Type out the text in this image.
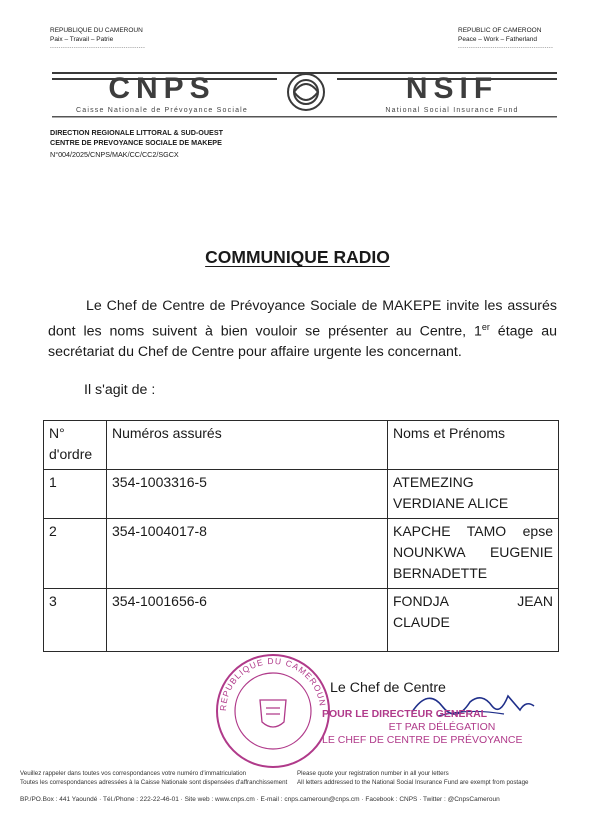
REPUBLIQUE DU CAMEROUN
Paix – Travail – Patrie
--------------------------------------------
REPUBLIC OF CAMEROON
Peace – Work – Fatherland
--------------------------------------------
CNPS	NSIF
Caisse Nationale de Prévoyance Sociale	National Social Insurance Fund
DIRECTION REGIONALE LITTORAL & SUD-OUEST
CENTRE DE PREVOYANCE SOCIALE DE MAKEPE
N°004/2025/CNPS/MAK/CC/CC2/SGCX
COMMUNIQUE RADIO

Le Chef de Centre de Prévoyance Sociale de MAKEPE invite les assurés dont les noms suivent à bien vouloir se présenter au Centre, 1er étage au secrétariat du Chef de Centre pour affaire urgente les concernant.

Il s'agit de :
N° d'ordre	Numéros assurés	Noms et Prénoms
1	354-1003316-5	ATEMEZING
VERDIANE ALICE

2	354-1004017-8	KAPCHE TAMO epse
NOUNKWA EUGENIE
BERNADETTE

3	354-1001656-6	FONDJA JEAN
CLAUDE
REPUBLIQUE DU CAMEROUN
Le Chef de Centre
POUR LE DIRECTEUR GENERAL
ET PAR DÉLÉGATION
LE CHEF DE CENTRE DE PRÉVOYANCE
Veuillez rappeler dans toutes vos correspondances votre numéro d'immatriculation
Toutes les correspondances adressées à la Caisse Nationale sont dispensées d'affranchissement
Please quote your registration number in all your letters
All letters addressed to the National Social Insurance Fund are exempt from postage
BP./PO.Box : 441 Yaoundé · Tél./Phone : 222-22-46-01 · Site web : www.cnps.cm · E-mail : cnps.cameroun@cnps.cm · Facebook : CNPS · Twitter : @CnpsCameroun
